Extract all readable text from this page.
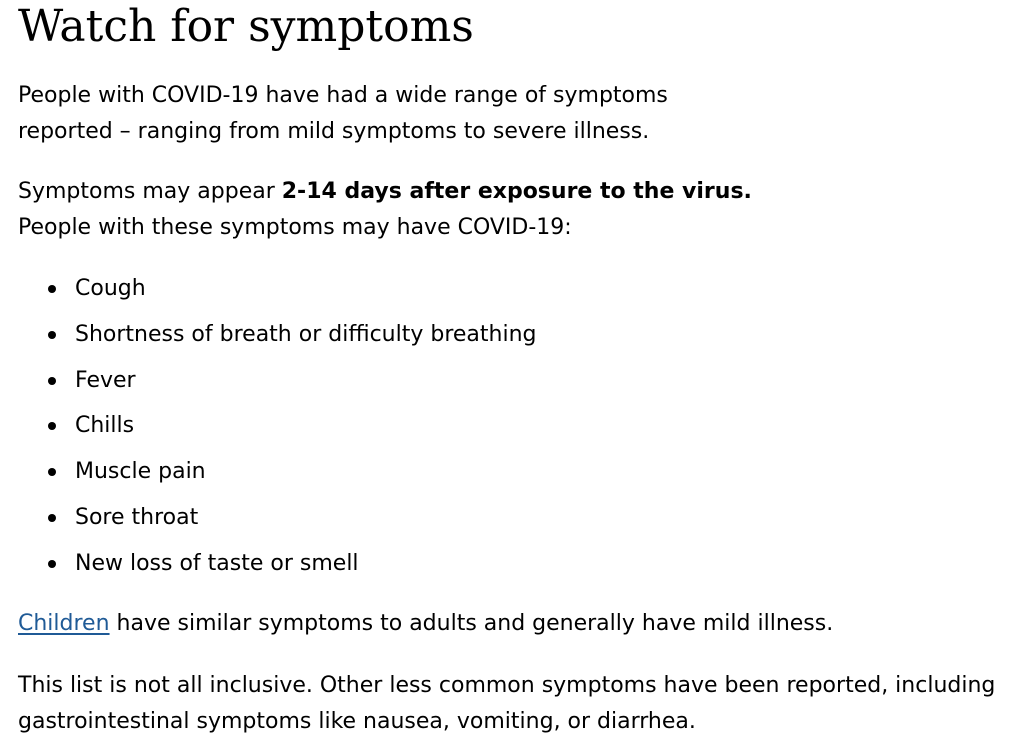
Watch for symptoms

People with COVID-19 have had a wide range of symptoms
reported – ranging from mild symptoms to severe illness.

Symptoms may appear 2-14 days after exposure to the virus.
People with these symptoms may have COVID-19:

Cough
Shortness of breath or difficulty breathing
Fever
Chills
Muscle pain
Sore throat
New loss of taste or smell

Children have similar symptoms to adults and generally have mild illness.

This list is not all inclusive. Other less common symptoms have been reported, including
gastrointestinal symptoms like nausea, vomiting, or diarrhea.
